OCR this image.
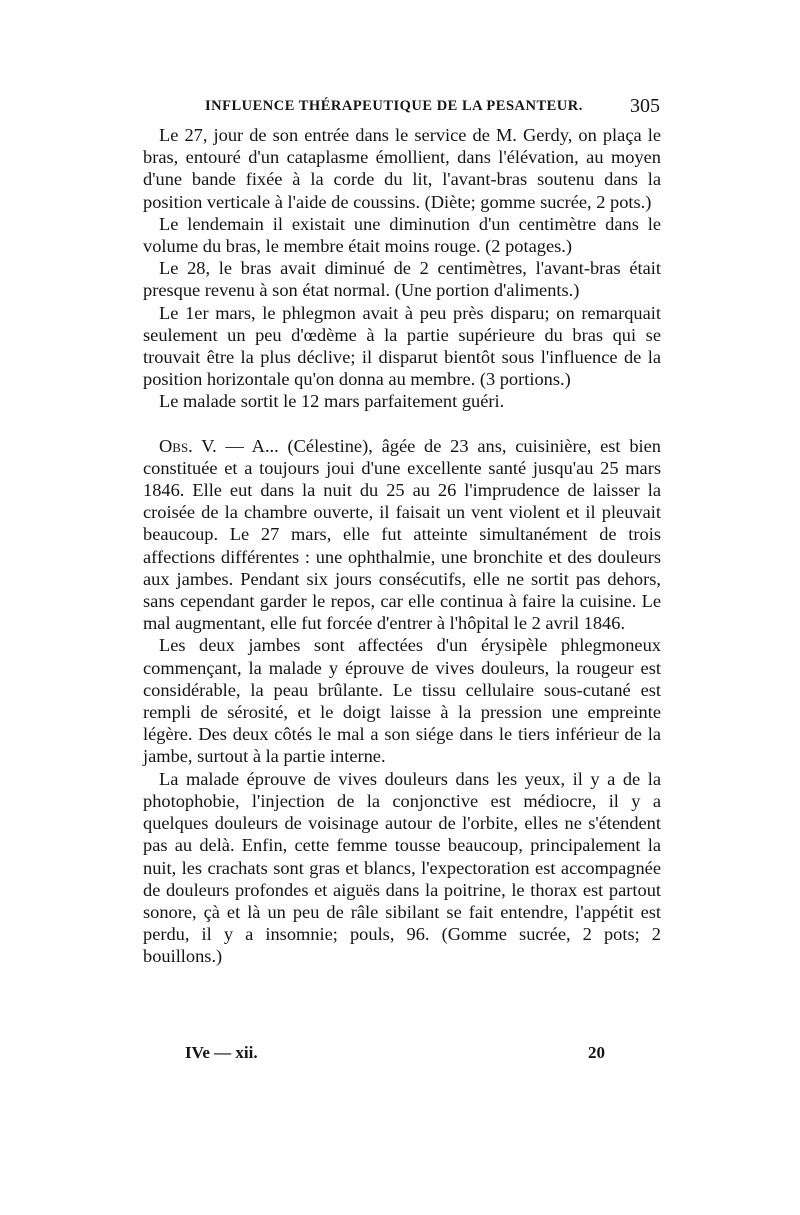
INFLUENCE THÉRAPEUTIQUE DE LA PESANTEUR. 305

Le 27, jour de son entrée dans le service de M. Gerdy, on plaça le bras, entouré d'un cataplasme émollient, dans l'élévation, au moyen d'une bande fixée à la corde du lit, l'avant-bras soutenu dans la position verticale à l'aide de coussins. (Diète; gomme sucrée, 2 pots.)

Le lendemain il existait une diminution d'un centimètre dans le volume du bras, le membre était moins rouge. (2 potages.)

Le 28, le bras avait diminué de 2 centimètres, l'avant-bras était presque revenu à son état normal. (Une portion d'aliments.)

Le 1er mars, le phlegmon avait à peu près disparu; on remarquait seulement un peu d'œdème à la partie supérieure du bras qui se trouvait être la plus déclive; il disparut bientôt sous l'influence de la position horizontale qu'on donna au membre. (3 portions.)

Le malade sortit le 12 mars parfaitement guéri.

Obs. V. — A... (Célestine), âgée de 23 ans, cuisinière, est bien constituée et a toujours joui d'une excellente santé jusqu'au 25 mars 1846. Elle eut dans la nuit du 25 au 26 l'imprudence de laisser la croisée de la chambre ouverte, il faisait un vent violent et il pleuvait beaucoup. Le 27 mars, elle fut atteinte simultanément de trois affections différentes : une ophthalmie, une bronchite et des douleurs aux jambes. Pendant six jours consécutifs, elle ne sortit pas dehors, sans cependant garder le repos, car elle continua à faire la cuisine. Le mal augmentant, elle fut forcée d'entrer à l'hôpital le 2 avril 1846.

Les deux jambes sont affectées d'un érysipèle phlegmoneux commençant, la malade y éprouve de vives douleurs, la rougeur est considérable, la peau brûlante. Le tissu cellulaire sous-cutané est rempli de sérosité, et le doigt laisse à la pression une empreinte légère. Des deux côtés le mal a son siége dans le tiers inférieur de la jambe, surtout à la partie interne.

La malade éprouve de vives douleurs dans les yeux, il y a de la photophobie, l'injection de la conjonctive est médiocre, il y a quelques douleurs de voisinage autour de l'orbite, elles ne s'étendent pas au delà. Enfin, cette femme tousse beaucoup, principalement la nuit, les crachats sont gras et blancs, l'expectoration est accompagnée de douleurs profondes et aiguës dans la poitrine, le thorax est partout sonore, çà et là un peu de râle sibilant se fait entendre, l'appétit est perdu, il y a insomnie; pouls, 96. (Gomme sucrée, 2 pots; 2 bouillons.)

IVe — xii.	20
